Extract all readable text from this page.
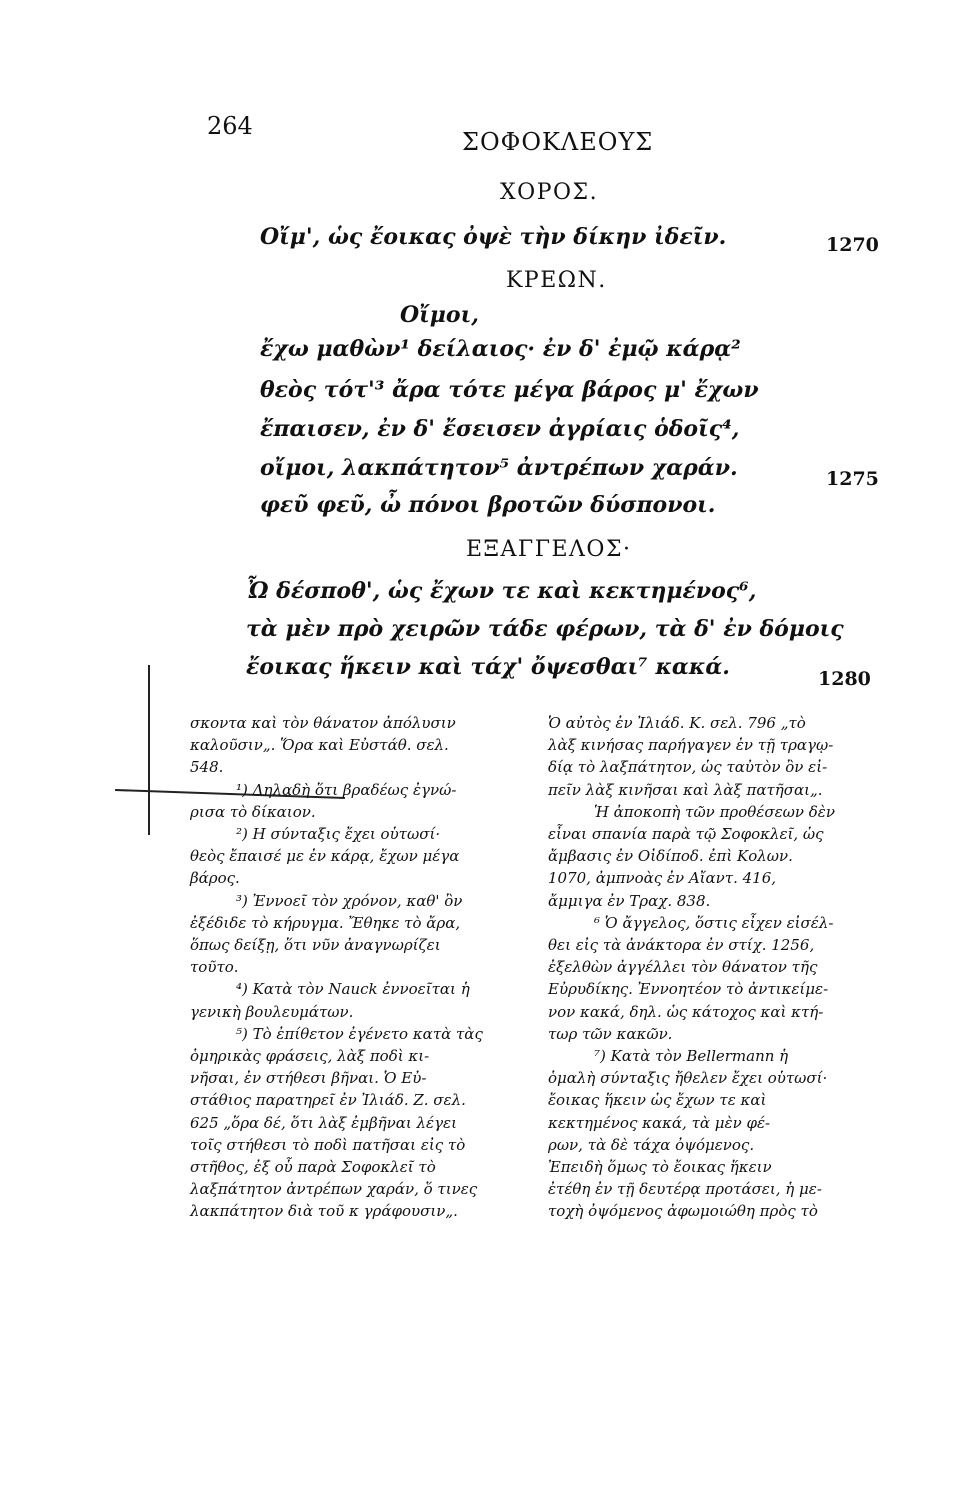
264
ΣΟΦΟΚΛΕΟΥΣ
ΧΟΡΟΣ.
Οἴμ', ὡς ἔοικας ὀψὲ τὴν δίκην ἰδεῖν.	1270
ΚΡΕΩΝ.
Οἴμοι,
ἔχω μαθὼν¹ δείλαιος· ἐν δ' ἐμῷ κάρᾳ²
θεὸς τότ'³ ἄρα τότε μέγα βάρος μ' ἔχων
ἔπαισεν, ἐν δ' ἔσεισεν ἀγρίαις ὁδοῖς⁴,
οἴμοι, λακπάτητον⁵ ἀντρέπων χαράν.	1275
φεῦ φεῦ, ὦ πόνοι βροτῶν δύσπονοι.
ΕΞΑΓΓΕΛΟΣ·
Ὦ δέσποθ', ὡς ἔχων τε καὶ κεκτημένος⁶,
τὰ μὲν πρὸ χειρῶν τάδε φέρων, τὰ δ' ἐν δόμοις
ἔοικας ἥκειν καὶ τάχ' ὄψεσθαι⁷ κακά.	1280

σκοντα καὶ τὸν θάνατον ἀπόλυσιν

καλοῦσιν„. Ὅρα καὶ Εὐστάθ. σελ.

548.

¹) Δηλαδὴ ὅτι βραδέως ἐγνώ-

ρισα τὸ δίκαιον.

²) Η σύνταξις ἔχει οὑτωσί·

θεὸς ἔπαισέ με ἐν κάρᾳ, ἔχων μέγα

βάρος.

³) Ἐννοεῖ τὸν χρόνον, καθ' ὃν

ἐξέδιδε τὸ κήρυγμα. Ἔθηκε τὸ ἄρα,

ὅπως δείξῃ, ὅτι νῦν ἀναγνωρίζει

τοῦτο.

⁴) Κατὰ τὸν Nauck ἐννοεῖται ἡ

γενικὴ βουλευμάτων.

⁵) Τὸ ἐπίθετον ἐγένετο κατὰ τὰς

ὁμηρικὰς φράσεις, λὰξ ποδὶ κι-

νῆσαι, ἐν στήθεσι βῆναι. Ὁ Εὐ-

στάθιος παρατηρεῖ ἐν Ἰλιάδ. Ζ. σελ.

625 „ὅρα δέ, ὅτι λὰξ ἐμβῆναι λέγει

τοῖς στήθεσι τὸ ποδὶ πατῆσαι εἰς τὸ

στῆθος, ἐξ οὗ παρὰ Σοφοκλεῖ τὸ

λαξπάτητον ἀντρέπων χαράν, ὅ τινες

λακπάτητον διὰ τοῦ κ γράφουσιν„.

Ὁ αὐτὸς ἐν Ἰλιάδ. Κ. σελ. 796 „τὸ

λὰξ κινήσας παρήγαγεν ἐν τῇ τραγῳ-

δίᾳ τὸ λαξπάτητον, ὡς ταὐτὸν ὂν εἰ-

πεῖν λὰξ κινῆσαι καὶ λὰξ πατῆσαι„.

Ἡ ἀποκοπὴ τῶν προθέσεων δὲν

εἶναι σπανία παρὰ τῷ Σοφοκλεῖ, ὡς

ἄμβασις ἐν Οἰδίποδ. ἐπὶ Κολων.

1070, ἀμπνοὰς ἐν Αἴαντ. 416,

ἄμμιγα ἐν Τραχ. 838.

⁶ Ὁ ἄγγελος, ὅστις εἶχεν εἰσέλ-

θει εἰς τὰ ἀνάκτορα ἐν στίχ. 1256,

ἐξελθὼν ἀγγέλλει τὸν θάνατον τῆς

Εὐρυδίκης. Ἐννοητέον τὸ ἀντικείμε-

νον κακά, δηλ. ὡς κάτοχος καὶ κτή-

τωρ τῶν κακῶν.

⁷) Κατὰ τὸν Bellermann ἡ

ὁμαλὴ σύνταξις ἤθελεν ἔχει οὑτωσί·

ἔοικας ἥκειν ὡς ἔχων τε καὶ

κεκτημένος κακά, τὰ μὲν φέ-

ρων, τὰ δὲ τάχα ὀψόμενος.

Ἐπειδὴ ὅμως τὸ ἔοικας ἥκειν

ἐτέθη ἐν τῇ δευτέρᾳ προτάσει, ἡ με-

τοχὴ ὀψόμενος ἀφωμοιώθη πρὸς τὸ
